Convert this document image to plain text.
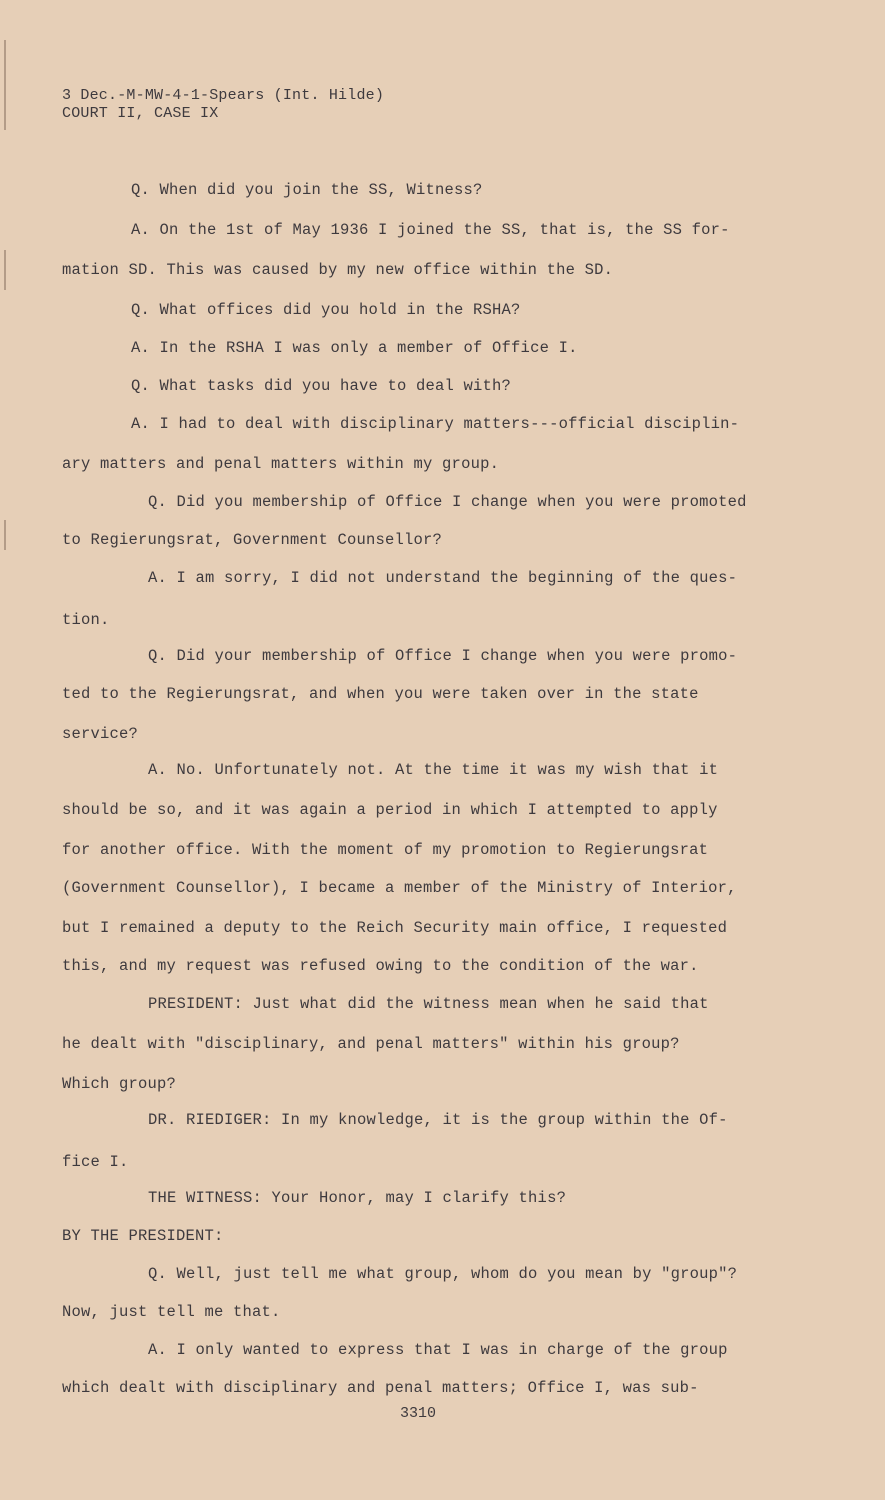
3 Dec.-M-MW-4-1-Spears (Int. Hilde)
COURT II, CASE IX
Q. When did you join the SS, Witness?
A. On the 1st of May 1936 I joined the SS, that is, the SS for-
mation SD. This was caused by my new office within the SD.
Q. What offices did you hold in the RSHA?
A. In the RSHA I was only a member of Office I.
Q. What tasks did you have to deal with?
A. I had to deal with disciplinary matters---official disciplin-
ary matters and penal matters within my group.
Q. Did you membership of Office I change when you were promoted
to Regierungsrat, Government Counsellor?
A. I am sorry, I did not understand the beginning of the ques-
tion.
Q. Did your membership of Office I change when you were promo-
ted to the Regierungsrat, and when you were taken over in the state
service?
A. No. Unfortunately not. At the time it was my wish that it
should be so, and it was again a period in which I attempted to apply
for another office. With the moment of my promotion to Regierungsrat
(Government Counsellor), I became a member of the Ministry of Interior,
but I remained a deputy to the Reich Security main office, I requested
this, and my request was refused owing to the condition of the war.
PRESIDENT: Just what did the witness mean when he said that
he dealt with "disciplinary, and penal matters" within his group?
Which group?
DR. RIEDIGER: In my knowledge, it is the group within the Of-
fice I.
THE WITNESS: Your Honor, may I clarify this?
BY THE PRESIDENT:
Q. Well, just tell me what group, whom do you mean by "group"?
Now, just tell me that.
A. I only wanted to express that I was in charge of the group
which dealt with disciplinary and penal matters; Office I, was sub-
3310
